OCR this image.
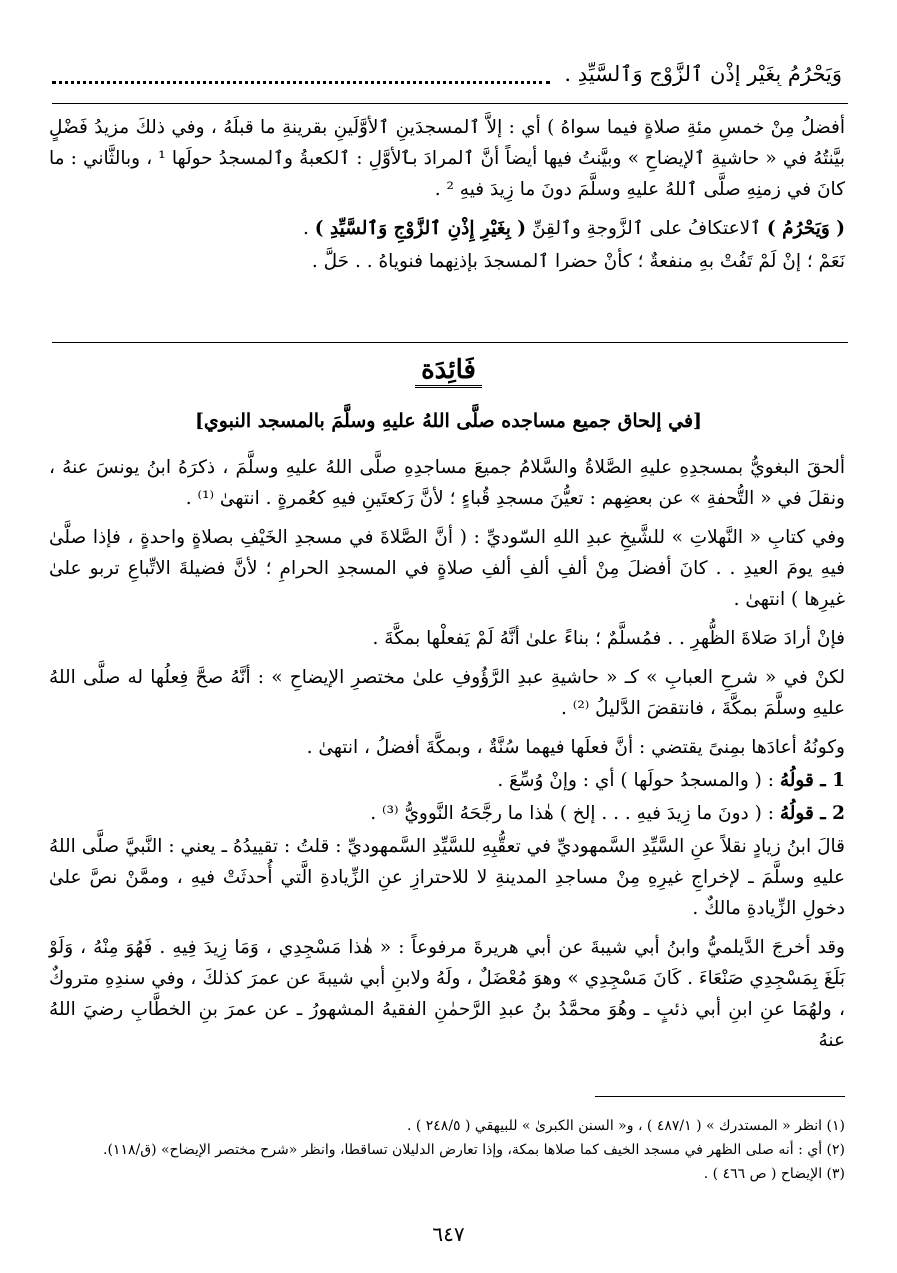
وَيَحْرُمُ بِغَيْرِ إِذْنِ ٱلزَّوْجِ وَٱلسَّيِّدِ .

أفضلُ مِنْ خمسِ مئةِ صلاةٍ فيما سواهُ ) أي : إلاَّ ٱلمسجدَينِ ٱلأوَّلَينِ بقرينةِ ما قبلَهُ ، وفي ذلكَ مزيدُ فَضْلٍ بيَّنتُهُ في « حاشيةِ ٱلإيضاحِ » وبيَّنتُ فيها أيضاً أنَّ ٱلمرادَ بٱلأوَّلِ : ٱلكعبةُ وٱلمسجدُ حولَها ¹ ، وبالثَّاني : ما كانَ في زمنِهِ صلَّى ٱللهُ عليهِ وسلَّمَ دونَ ما زِيدَ فيهِ ² .

( وَيَحْرُمُ ) ٱلاعتكافُ على ٱلزَّوجةِ وٱلقِنِّ ( بِغَيْرِ إِذْنِ ٱلزَّوْجِ وَٱلسَّيِّدِ ) .

نَعَمْ ؛ إنْ لَمْ تَفُتْ بهِ منفعةٌ ؛ كأنْ حضرا ٱلمسجدَ بإذنِهما فنوياهُ . . حَلَّ .

فَائِدَة
[في إلحاق جميع مساجده صلَّى اللهُ عليهِ وسلَّمَ بالمسجد النبوي]

ألحقَ البغويُّ بمسجدِهِ عليهِ الصَّلاةُ والسَّلامُ جميعَ مساجدِهِ صلَّى اللهُ عليهِ وسلَّمَ ، ذكرَهُ ابنُ يونسَ عنهُ ، ونقلَ في « التُّحفةِ » عن بعضِهم : تعيُّنَ مسجدِ قُباءٍ ؛ لأنَّ رَكعتَينِ فيهِ كعُمرةٍ . انتهىٰ ⁽¹⁾ .

وفي كتابِ « النَّهلاتِ » للشَّيخِ عبدِ اللهِ السّوديِّ : ( أنَّ الصَّلاةَ في مسجدِ الخَيْفِ بصلاةٍ واحدةٍ ، فإذا صلَّىٰ فيهِ يومَ العيدِ . . كانَ أفضلَ مِنْ ألفِ ألفِ ألفِ صلاةٍ في المسجدِ الحرامِ ؛ لأنَّ فضيلةَ الاتِّباعِ تربو علىٰ غيرِها ) انتهىٰ .

فإنْ أرادَ صَلاةَ الظُّهرِ . . فمُسلَّمٌ ؛ بناءً علىٰ أنَّهُ لَمْ يَفعلْها بمكَّةَ .

لكنْ في « شرحِ العبابِ » كـ « حاشيةِ عبدِ الرَّؤُوفِ علىٰ مختصرِ الإيضاحِ » : أنَّهُ صحَّ فِعلُها له صلَّى اللهُ عليهِ وسلَّمَ بمكَّةَ ، فانتقضَ الدَّليلُ ⁽²⁾ .

وكونُهُ أعادَها بمِنىً يقتضي : أنَّ فعلَها فيهما سُنَّةٌ ، وبمكَّةَ أفضلُ ، انتهىٰ .

1 ـ قولُهُ : ( والمسجدُ حولَها ) أي : وإنْ وُسِّعَ .

2 ـ قولُهُ : ( دونَ ما زِيدَ فيهِ . . . إلخ ) هٰذا ما رجَّحَهُ النَّوويُّ ⁽³⁾ .

قالَ ابنُ زيادٍ نقلاً عنِ السَّيِّدِ السَّمهوديِّ في تعقُّبِهِ للسَّيِّدِ السَّمهوديِّ : قلتُ : تقييدُهُ ـ يعني : النَّبيَّ صلَّى اللهُ عليهِ وسلَّمَ ـ لإخراجِ غيرِهِ مِنْ مساجدِ المدينةِ لا للاحترازِ عنِ الزِّيادةِ الَّتي أُحدثَتْ فيهِ ، وممَّنْ نصَّ علىٰ دخولِ الزِّيادةِ مالكٌ .

وقد أخرجَ الدَّيلميُّ وابنُ أبي شيبةَ عن أبي هريرةَ مرفوعاً : « هٰذا مَسْجِدِي ، وَمَا زِيدَ فِيهِ . فَهُوَ مِنْهُ ، وَلَوْ بَلَغَ بِمَسْجِدِي صَنْعَاءَ . كَانَ مَسْجِدِي » وهوَ مُعْضَلٌ ، ولَهُ ولابنِ أبي شيبةَ عن عمرَ كذلكَ ، وفي سندِهِ متروكٌ ، ولهُمَا عنِ ابنِ أبي ذئبٍ ـ وهُوَ محمَّدُ بنُ عبدِ الرَّحمٰنِ الفقيهُ المشهورُ ـ عن عمرَ بنِ الخطَّابِ رضيَ اللهُ عنهُ

(١) انظر « المستدرك » ( ٤٨٧/١ ) ، و« السنن الكبرىٰ » للبيهقي ( ٢٤٨/٥ ) .
(٢) أي : أنه صلى الظهر في مسجد الخيف كما صلاها بمكة، وإذا تعارض الدليلان تساقطا، وانظر «شرح مختصر الإيضاح» (ق/١١٨).
(٣) الإيضاح ( ص ٤٦٦ ) .
٦٤٧
